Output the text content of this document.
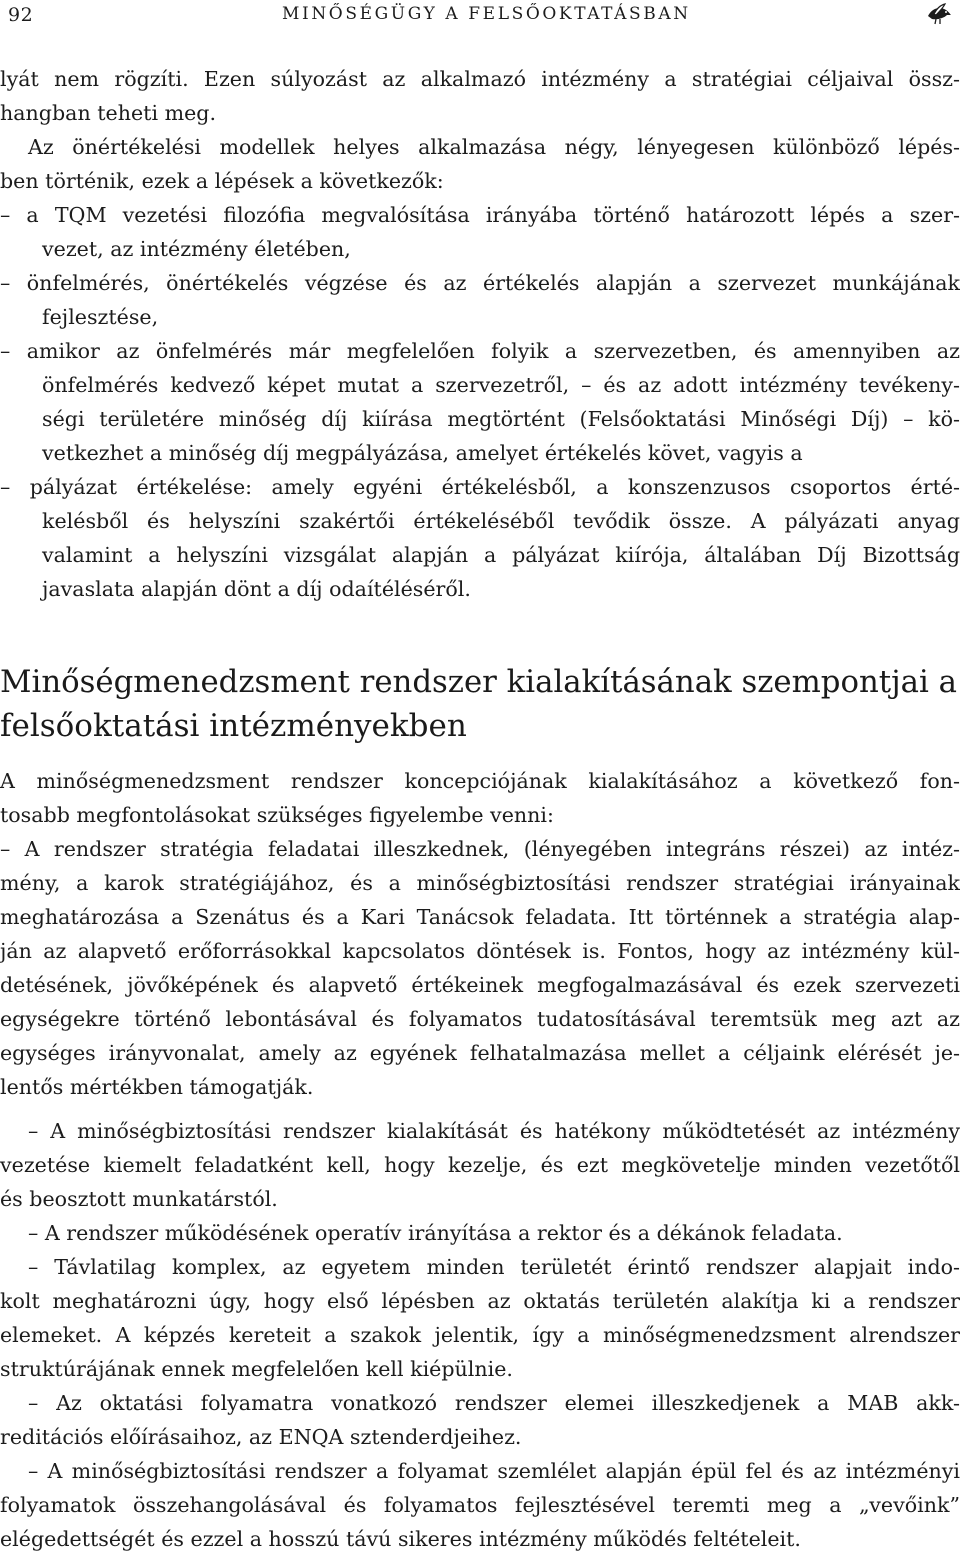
92	MINŐSÉGÜGY A FELSŐOKTATÁSBAN
lyát nem rögzíti. Ezen súlyozást az alkalmazó intézmény a stratégiai céljaival össz-
hangban teheti meg.
Az önértékelési modellek helyes alkalmazása négy, lényegesen különböző lépés-
ben történik, ezek a lépések a következők:
– a TQM vezetési filozófia megvalósítása irányába történő határozott lépés a szer-
vezet, az intézmény életében,
– önfelmérés, önértékelés végzése és az értékelés alapján a szervezet munkájának
fejlesztése,
– amikor az önfelmérés már megfelelően folyik a szervezetben, és amennyiben az
önfelmérés kedvező képet mutat a szervezetről, – és az adott intézmény tevékeny-
ségi területére minőség díj kiírása megtörtént (Felsőoktatási Minőségi Díj) – kö-
vetkezhet a minőség díj megpályázása, amelyet értékelés követ, vagyis a
– pályázat értékelése: amely egyéni értékelésből, a konszenzusos csoportos érté-
kelésből és helyszíni szakértői értékeléséből tevődik össze. A pályázati anyag
valamint a helyszíni vizsgálat alapján a pályázat kiírója, általában Díj Bizottság
javaslata alapján dönt a díj odaítéléséről.
Minőségmenedzsment rendszer kialakításának szempontjai a
felsőoktatási intézményekben
A minőségmenedzsment rendszer koncepciójának kialakításához a következő fon-
tosabb megfontolásokat szükséges figyelembe venni:
– A rendszer stratégia feladatai illeszkednek, (lényegében integráns részei) az intéz-
mény, a karok stratégiájához, és a minőségbiztosítási rendszer stratégiai irányainak
meghatározása a Szenátus és a Kari Tanácsok feladata. Itt történnek a stratégia alap-
ján az alapvető erőforrásokkal kapcsolatos döntések is. Fontos, hogy az intézmény kül-
detésének, jövőképének és alapvető értékeinek megfogalmazásával és ezek szervezeti
egységekre történő lebontásával és folyamatos tudatosításával teremtsük meg azt az
egységes irányvonalat, amely az egyének felhatalmazása mellet a céljaink elérését je-
lentős mértékben támogatják.
– A minőségbiztosítási rendszer kialakítását és hatékony működtetését az intézmény
vezetése kiemelt feladatként kell, hogy kezelje, és ezt megkövetelje minden vezetőtől
és beosztott munkatárstól.
– A rendszer működésének operatív irányítása a rektor és a dékánok feladata.
– Távlatilag komplex, az egyetem minden területét érintő rendszer alapjait indo-
kolt meghatározni úgy, hogy első lépésben az oktatás területén alakítja ki a rendszer
elemeket. A képzés kereteit a szakok jelentik, így a minőségmenedzsment alrendszer
struktúrájának ennek megfelelően kell kiépülnie.
– Az oktatási folyamatra vonatkozó rendszer elemei illeszkedjenek a MAB akk-
reditációs előírásaihoz, az ENQA sztenderdjeihez.
– A minőségbiztosítási rendszer a folyamat szemlélet alapján épül fel és az intézményi
folyamatok összehangolásával és folyamatos fejlesztésével teremti meg a „vevőink”
elégedettségét és ezzel a hosszú távú sikeres intézmény működés feltételeit.
